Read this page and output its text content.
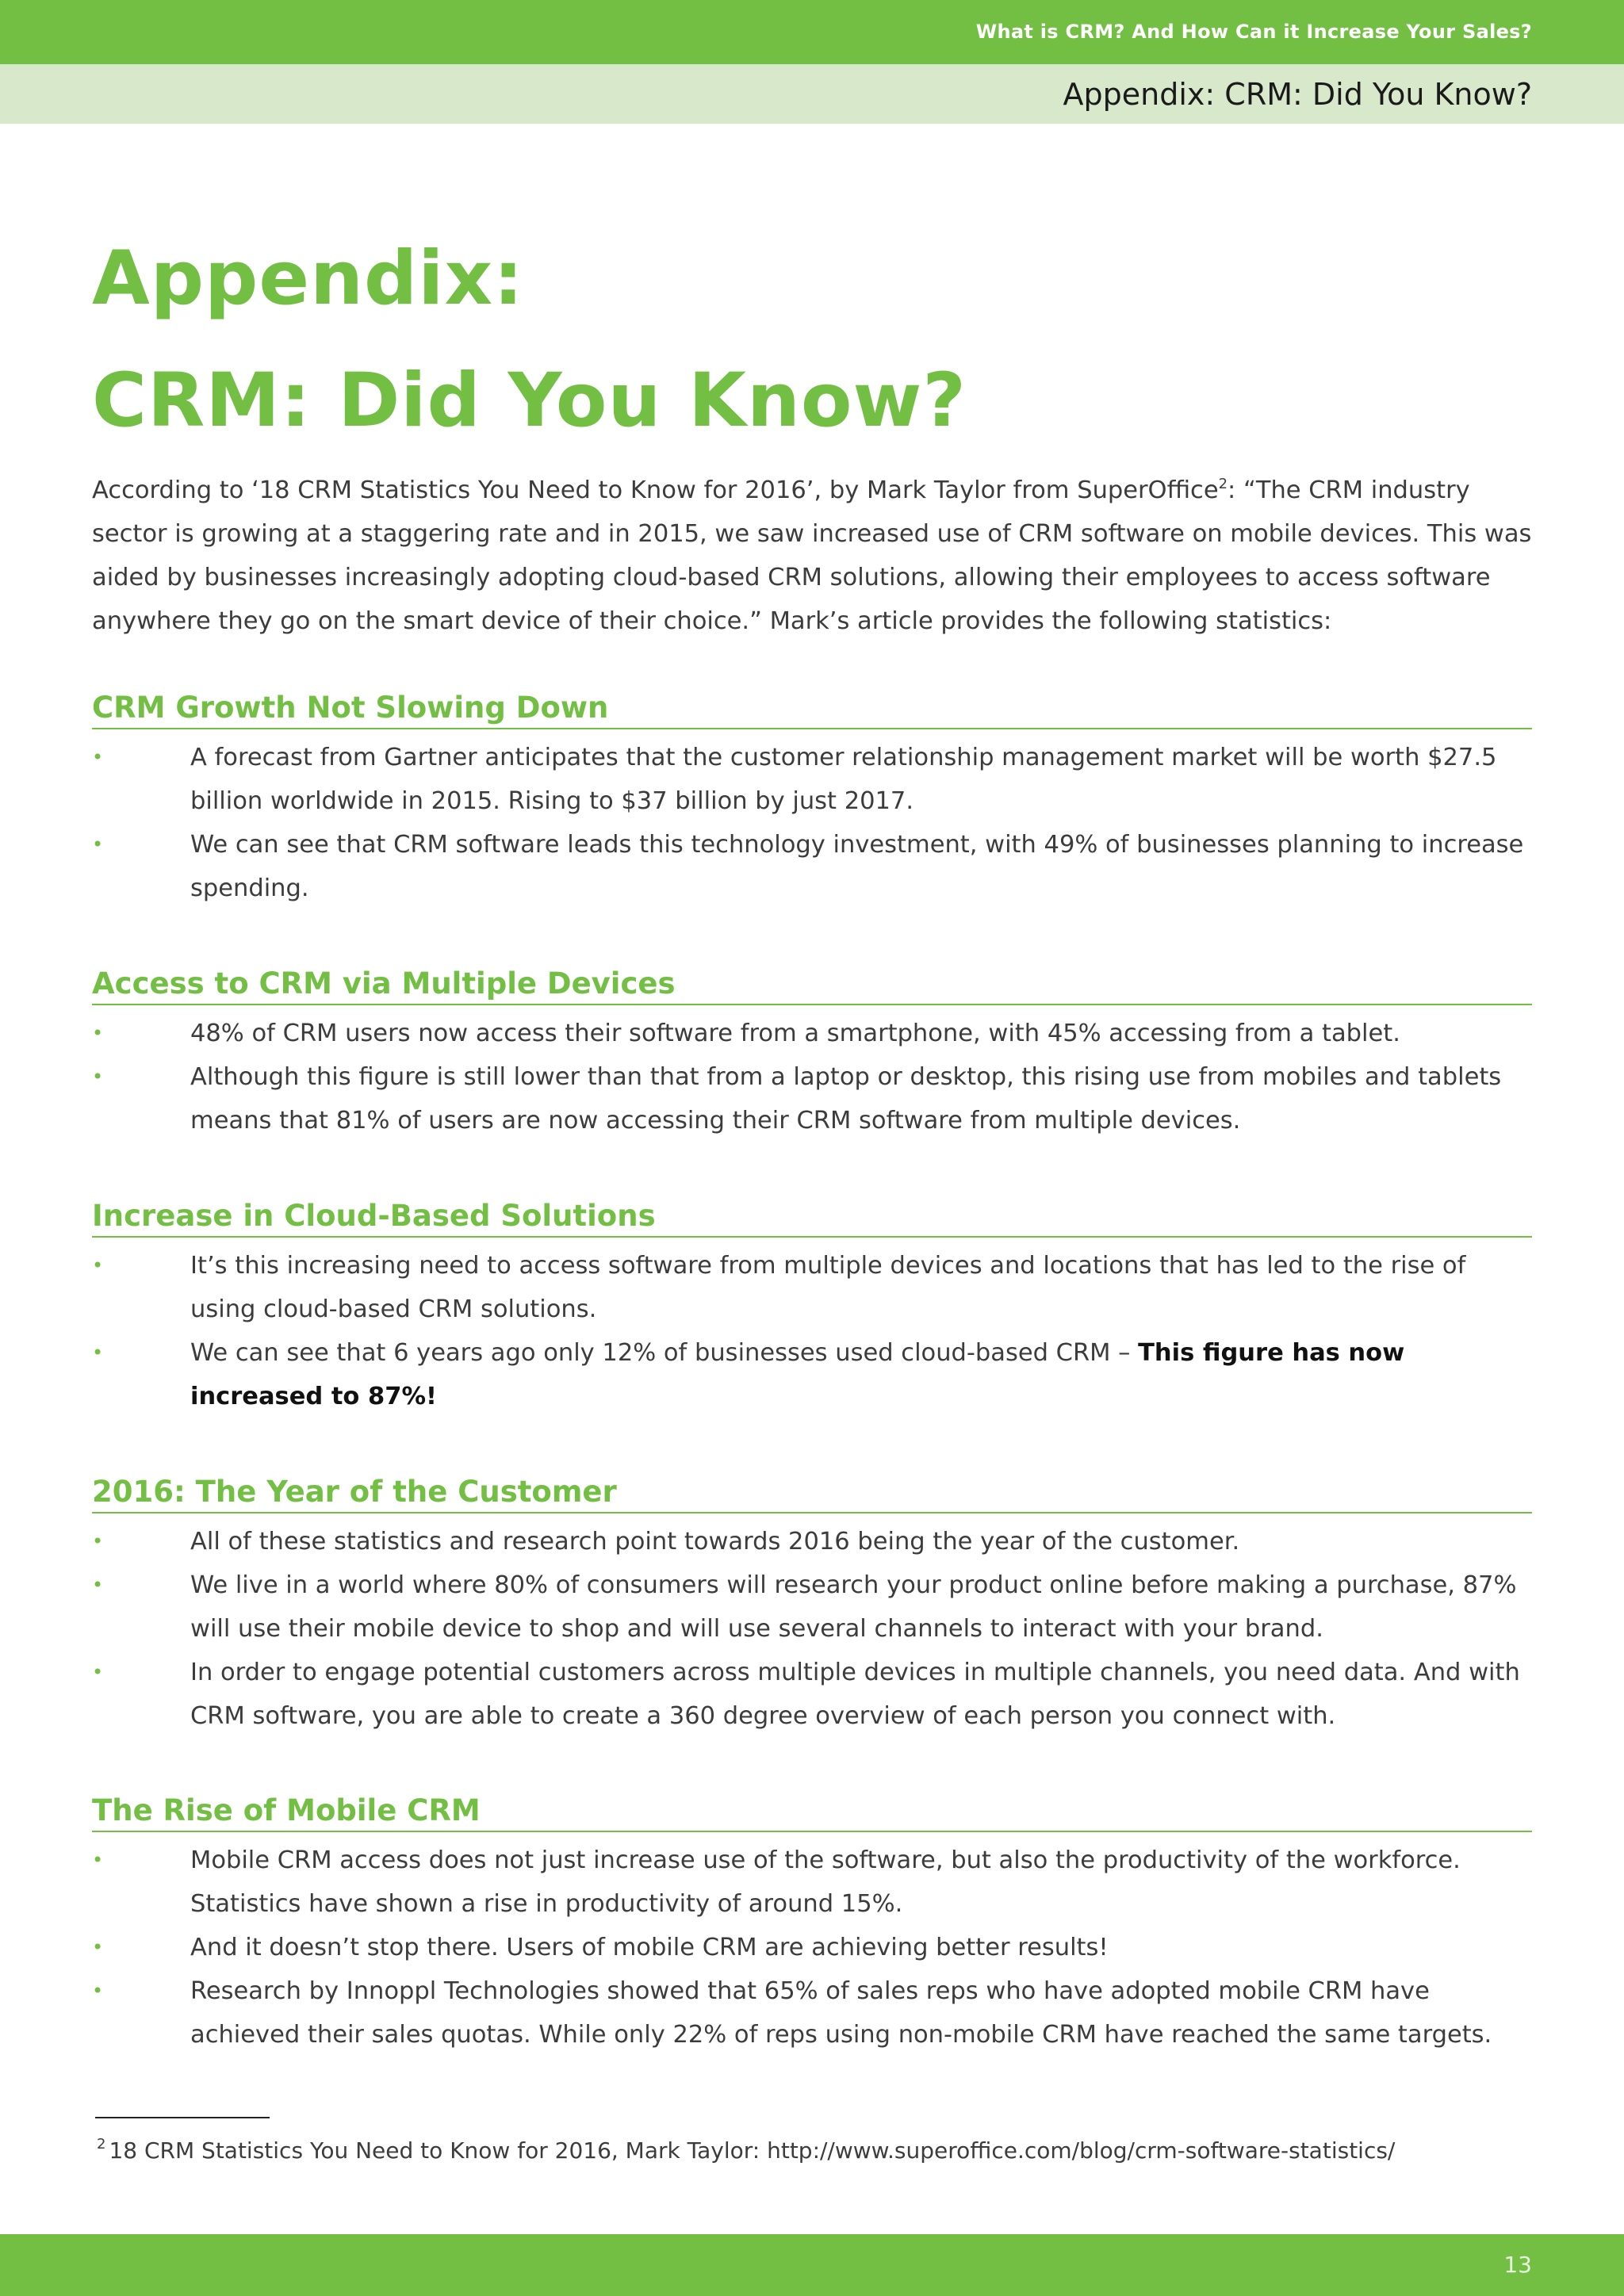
What is CRM? And How Can it Increase Your Sales?
Appendix: CRM: Did You Know?
Appendix:
CRM: Did You Know?

According to ‘18 CRM Statistics You Need to Know for 2016’, by Mark Taylor from SuperOffice$^2$: “The CRM industry sector is growing at a staggering rate and in 2015, we saw increased use of CRM software on mobile devices. This was aided by businesses increasingly adopting cloud-based CRM solutions, allowing their employees to access software anywhere they go on the smart device of their choice.” Mark’s article provides the following statistics:

CRM Growth Not Slowing Down
•	A forecast from Gartner anticipates that the customer relationship management market will be worth $27.5 billion worldwide in 2015. Rising to $37 billion by just 2017.
•	We can see that CRM software leads this technology investment, with 49% of businesses planning to increase spending.
Access to CRM via Multiple Devices
•	48% of CRM users now access their software from a smartphone, with 45% accessing from a tablet.
•	Although this figure is still lower than that from a laptop or desktop, this rising use from mobiles and tablets means that 81% of users are now accessing their CRM software from multiple devices.
Increase in Cloud-Based Solutions
•	It’s this increasing need to access software from multiple devices and locations that has led to the rise of using cloud-based CRM solutions.
•	We can see that 6 years ago only 12% of businesses used cloud-based CRM – This figure has now increased to 87%!
2016: The Year of the Customer
•	All of these statistics and research point towards 2016 being the year of the customer.
•	We live in a world where 80% of consumers will research your product online before making a purchase, 87% will use their mobile device to shop and will use several channels to interact with your brand.
•	In order to engage potential customers across multiple devices in multiple channels, you need data. And with CRM software, you are able to create a 360 degree overview of each person you connect with.
The Rise of Mobile CRM
•	Mobile CRM access does not just increase use of the software, but also the productivity of the workforce. Statistics have shown a rise in productivity of around 15%.
•	And it doesn’t stop there. Users of mobile CRM are achieving better results!
•	Research by Innoppl Technologies showed that 65% of sales reps who have adopted mobile CRM have achieved their sales quotas. While only 22% of reps using non-mobile CRM have reached the same targets.
$^2$ 18 CRM Statistics You Need to Know for 2016, Mark Taylor: http://www.superoffice.com/blog/crm-software-statistics/
13
